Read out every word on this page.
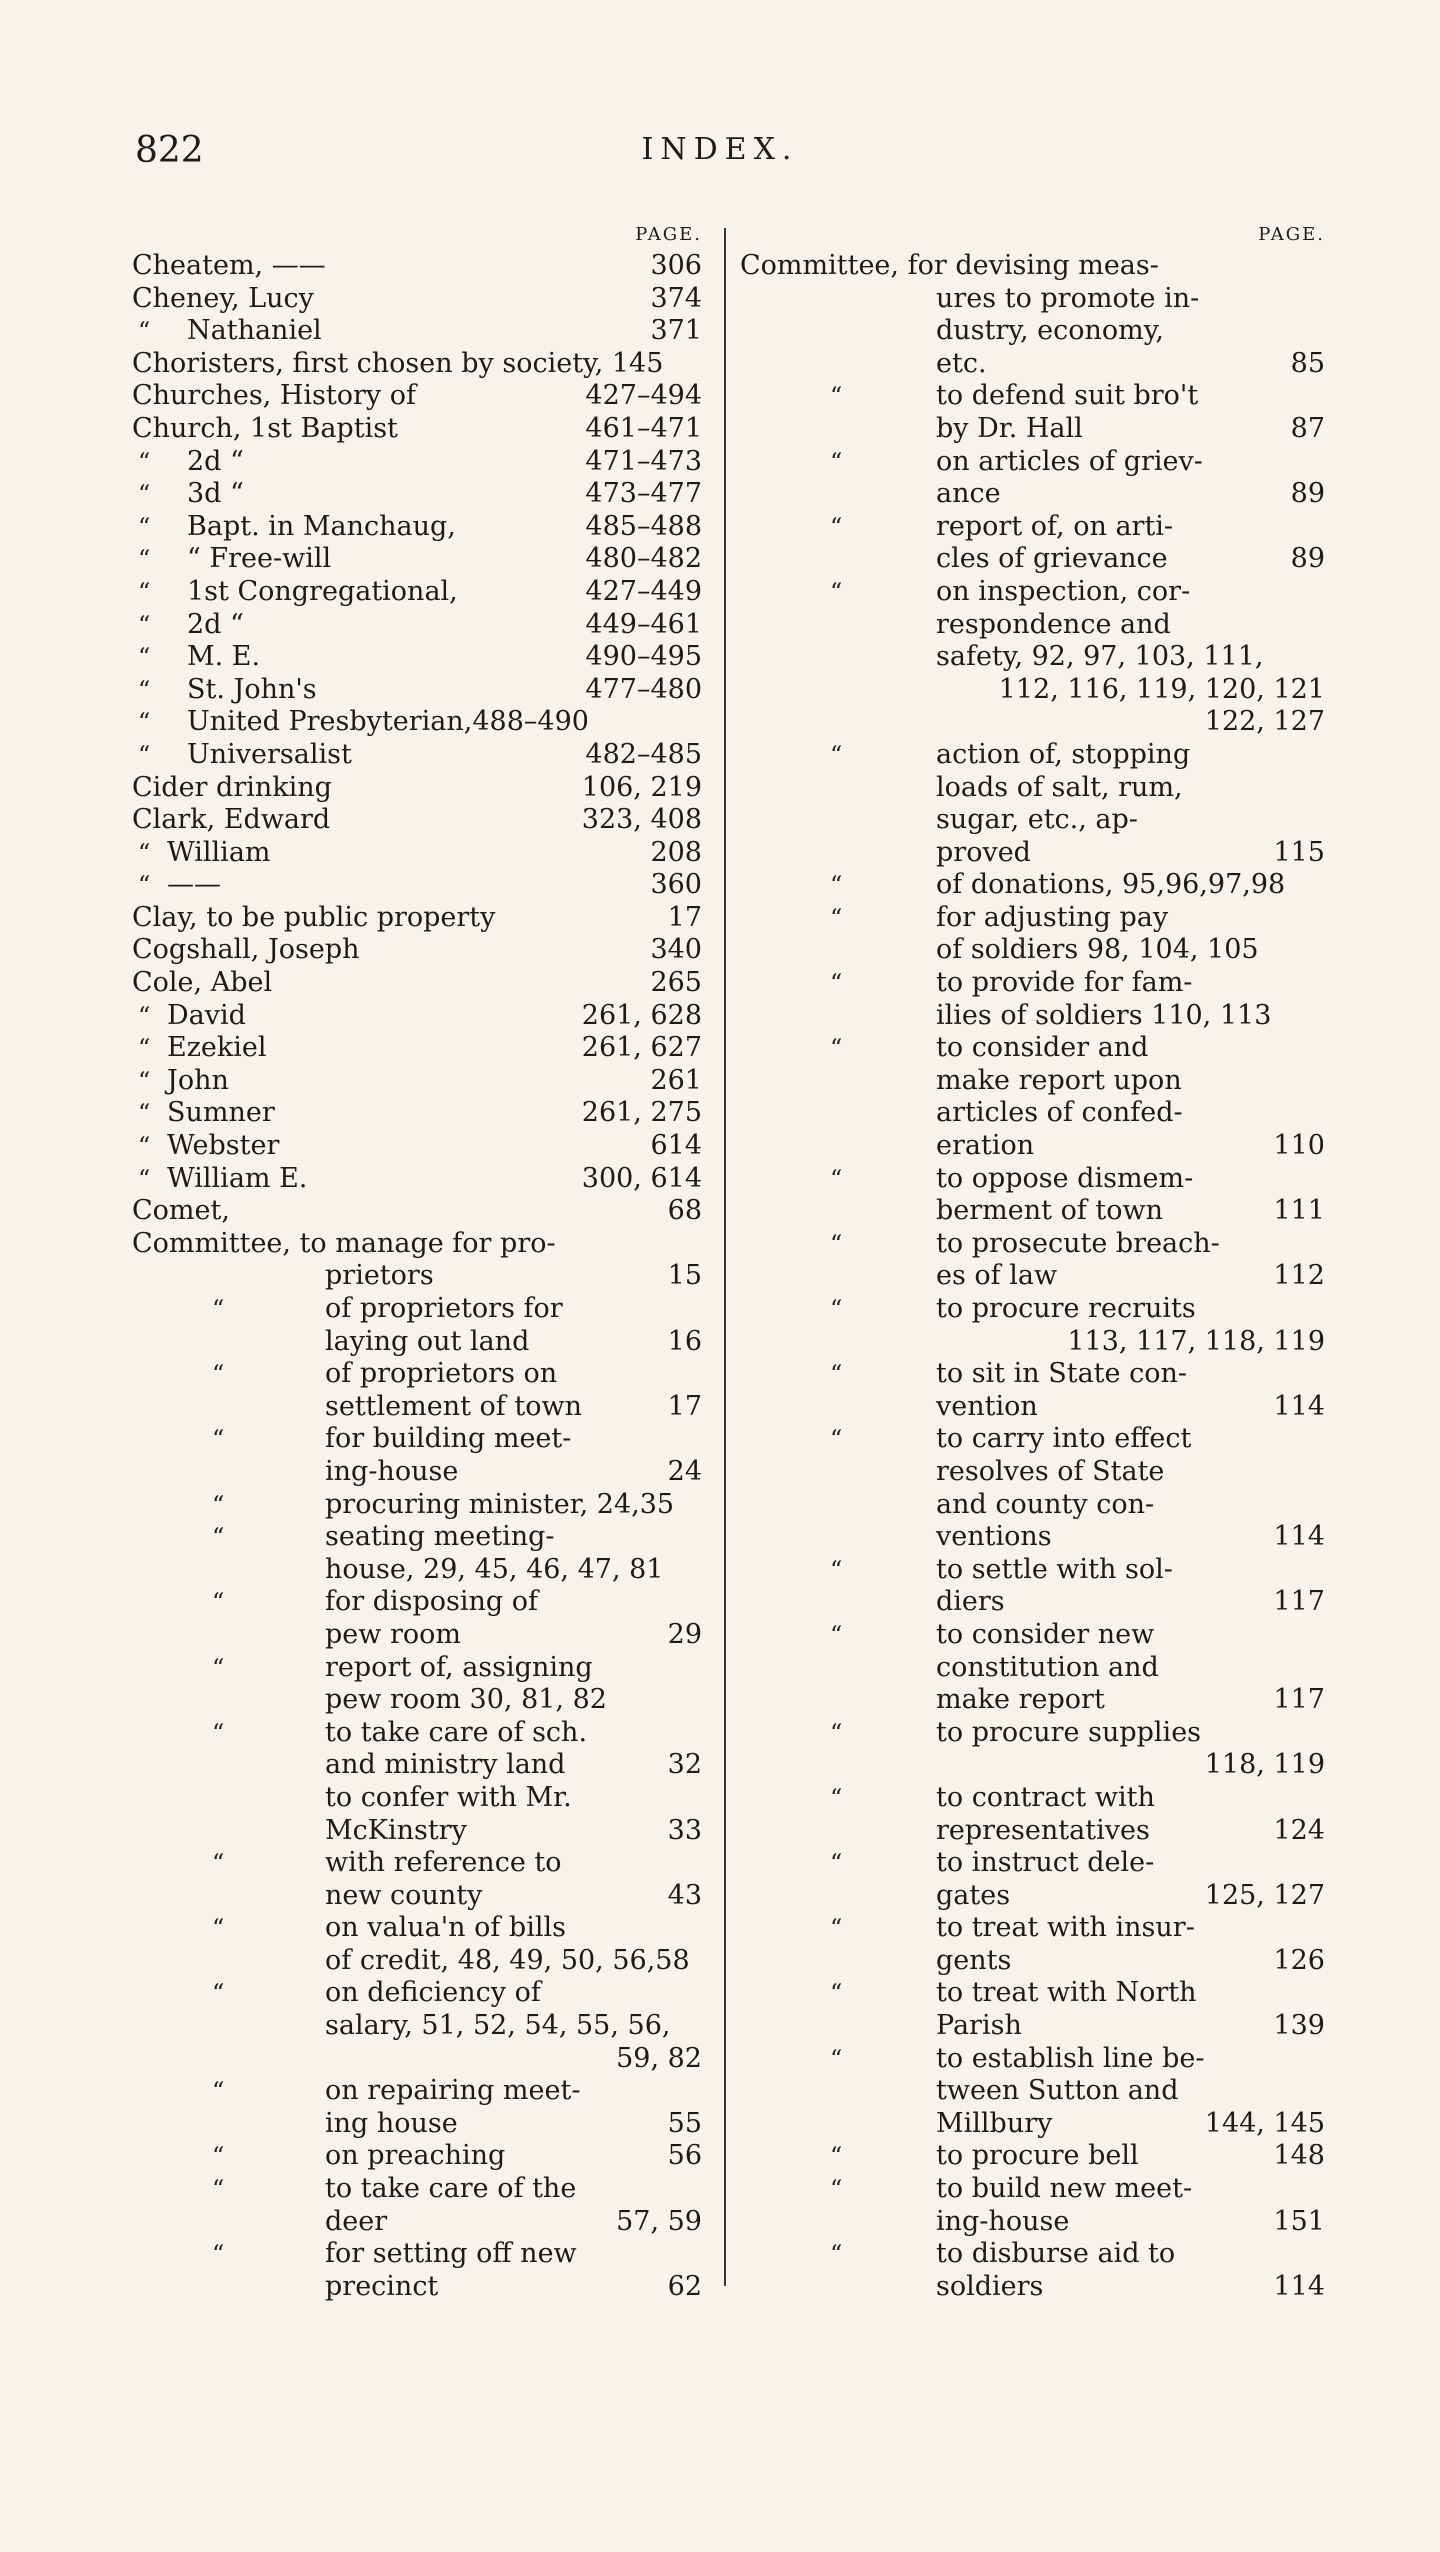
822	INDEX.
PAGE.
Cheatem, ——	306
Cheney, Lucy	374
“ Nathaniel	371
Choristers, first chosen by society, 145
Churches, History of	427–494
Church, 1st Baptist	461–471
“ 2d “	471–473
“ 3d “	473–477
“ Bapt. in Manchaug,	485–488
“ “ Free-will	480–482
“ 1st Congregational,	427–449
“ 2d “	449–461
“ M. E.	490–495
“ St. John's	477–480
“ United Presbyterian,488–490
“ Universalist	482–485
Cider drinking	106, 219
Clark, Edward	323, 408
“ William	208
“ ——	360
Clay, to be public property	17
Cogshall, Joseph	340
Cole, Abel	265
“ David	261, 628
“ Ezekiel	261, 627
“ John	261
“ Sumner	261, 275
“ Webster	614
“ William E.	300, 614
Comet,	68
Committee, to manage for pro-
prietors	15
“	of proprietors for
laying out land	16
“	of proprietors on
settlement of town	17
“	for building meet-
ing-house	24
“	procuring minister, 24,35
“	seating meeting-
house, 29, 45, 46, 47, 81
“	for disposing of
pew room	29
“	report of, assigning
pew room 30, 81, 82
“	to take care of sch.
and ministry land	32
to confer with Mr.
McKinstry	33
“	with reference to
new county	43
“	on valua'n of bills
of credit, 48, 49, 50, 56,58
“	on deficiency of
salary, 51, 52, 54, 55, 56,
59, 82
“	on repairing meet-
ing house	55
“	on preaching	56
“	to take care of the
deer	57, 59
“	for setting off new
precinct	62
PAGE.
Committee, for devising meas-
ures to promote in-
dustry, economy,
etc.	85
“	to defend suit bro't
by Dr. Hall	87
“	on articles of griev-
ance	89
“	report of, on arti-
cles of grievance	89
“	on inspection, cor-
respondence and
safety, 92, 97, 103, 111,
112, 116, 119, 120, 121
122, 127
“	action of, stopping
loads of salt, rum,
sugar, etc., ap-
proved	115
“	of donations, 95,96,97,98
“	for adjusting pay
of soldiers 98, 104, 105
“	to provide for fam-
ilies of soldiers 110, 113
“	to consider and
make report upon
articles of confed-
eration	110
“	to oppose dismem-
berment of town	111
“	to prosecute breach-
es of law	112
“	to procure recruits
113, 117, 118, 119
“	to sit in State con-
vention	114
“	to carry into effect
resolves of State
and county con-
ventions	114
“	to settle with sol-
diers	117
“	to consider new
constitution and
make report	117
“	to procure supplies
118, 119
“	to contract with
representatives	124
“	to instruct dele-
gates	125, 127
“	to treat with insur-
gents	126
“	to treat with North
Parish	139
“	to establish line be-
tween Sutton and
Millbury	144, 145
“	to procure bell	148
“	to build new meet-
ing-house	151
“	to disburse aid to
soldiers	114
